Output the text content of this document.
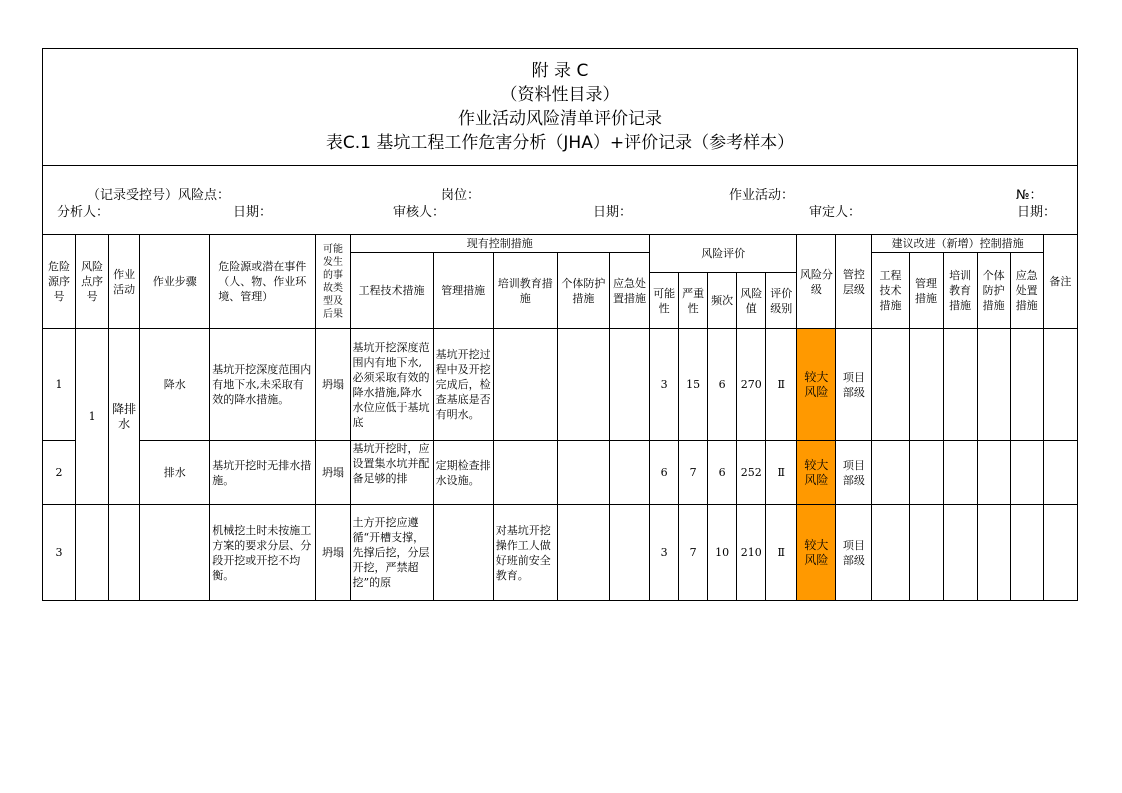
附 录 C
（资料性目录）
作业活动风险清单评价记录
表C.1 基坑工程工作危害分析（JHA）+评价记录（参考样本）
（记录受控号）风险点：	岗位：	作业活动：	№：
分析人：	日期：	审核人：	日期：	审定人：	日期：
危险源序号	风险点序号	作业活动	作业步骤	危险源或潜在事件（人、物、作业环境、管理）	可能发生的事故类型及后果	现有控制措施					风险评价					风险分级	管控层级	建议改进（新增）控制措施					备注
						工程技术措施	管理措施	培训教育措施	个体防护措施	应急处置措施								工程技术措施	管理措施	培训教育措施	个体防护措施	应急处置措施	
											可能性	严重性	频次	风险值	评价级别								
1	1	降排水	降水	基坑开挖深度范围内有地下水,未采取有效的降水措施。	坍塌	基坑开挖深度范围内有地下水,必须采取有效的降水措施,降水水位应低于基坑底	基坑开挖过程中及开挖完成后，检查基底是否有明水。				3	15	6	270	Ⅱ	较大风险	项目部级						
2			排水	基坑开挖时无排水措施。	坍塌	基坑开挖时，应设置集水坑并配备足够的排	定期检查排水设施。				6	7	6	252	Ⅱ	较大风险	项目部级						
3				机械挖土时未按施工方案的要求分层、分段开挖或开挖不均衡。	坍塌	土方开挖应遵循“开槽支撑，先撑后挖，分层开挖，严禁超挖”的原		对基坑开挖操作工人做好班前安全教育。			3	7	10	210	Ⅱ	较大风险	项目部级						
